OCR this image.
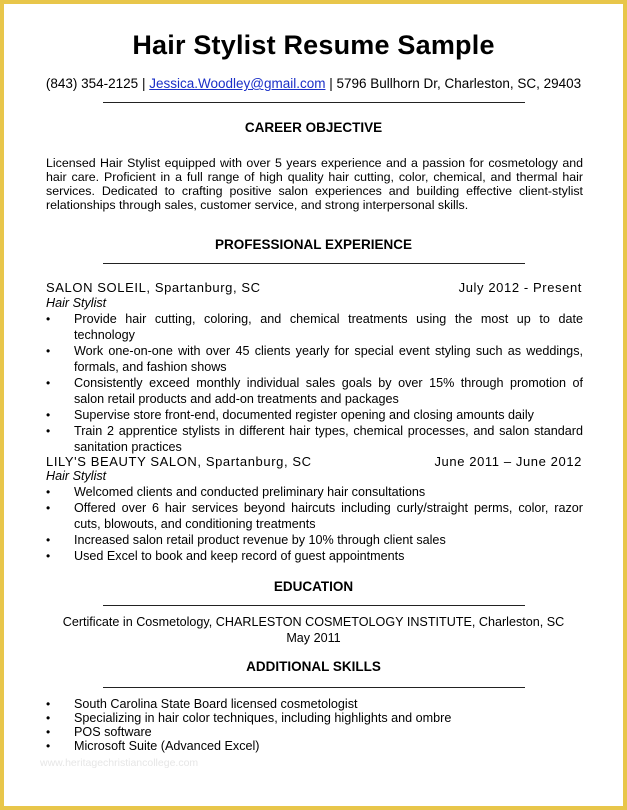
Hair Stylist Resume Sample
(843) 354-2125 | Jessica.Woodley@gmail.com | 5796 Bullhorn Dr, Charleston, SC, 29403
CAREER OBJECTIVE
Licensed Hair Stylist equipped with over 5 years experience and a passion for cosmetology and hair care. Proficient in a full range of high quality hair cutting, color, chemical, and thermal hair services. Dedicated to crafting positive salon experiences and building effective client-stylist relationships through sales, customer service, and strong interpersonal skills.
PROFESSIONAL EXPERIENCE
SALON SOLEIL, Spartanburg, SC	July 2012 - Present
Hair Stylist
• Provide hair cutting, coloring, and chemical treatments using the most up to date technology
• Work one-on-one with over 45 clients yearly for special event styling such as weddings, formals, and fashion shows
• Consistently exceed monthly individual sales goals by over 15% through promotion of salon retail products and add-on treatments and packages
• Supervise store front-end, documented register opening and closing amounts daily
• Train 2 apprentice stylists in different hair types, chemical processes, and salon standard sanitation practices
LILY'S BEAUTY SALON, Spartanburg, SC	June 2011 – June 2012
Hair Stylist
• Welcomed clients and conducted preliminary hair consultations
• Offered over 6 hair services beyond haircuts including curly/straight perms, color, razor cuts, blowouts, and conditioning treatments
• Increased salon retail product revenue by 10% through client sales
• Used Excel to book and keep record of guest appointments
EDUCATION
Certificate in Cosmetology, CHARLESTON COSMETOLOGY INSTITUTE, Charleston, SC
May 2011
ADDITIONAL SKILLS
• South Carolina State Board licensed cosmetologist
• Specializing in hair color techniques, including highlights and ombre
• POS software
• Microsoft Suite (Advanced Excel)
www.heritagechristiancollege.com
